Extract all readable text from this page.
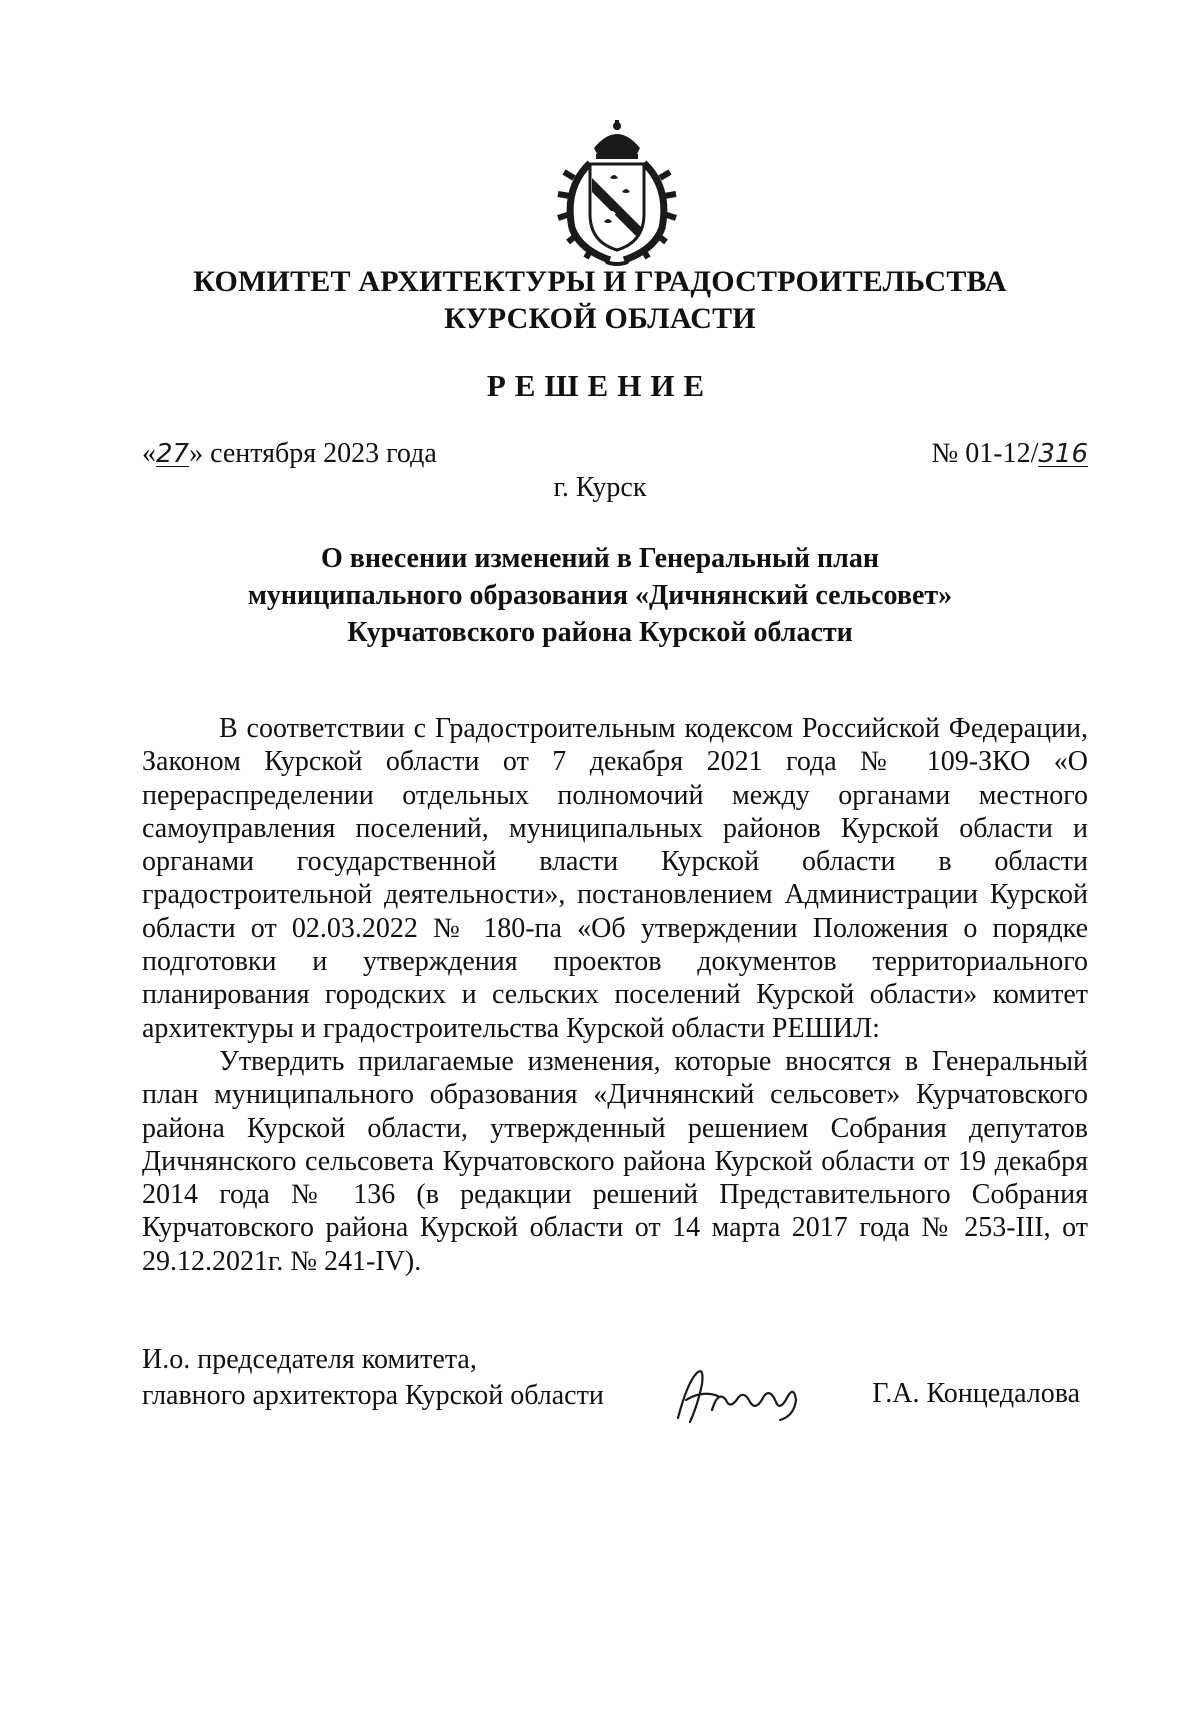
КОМИТЕТ АРХИТЕКТУРЫ И ГРАДОСТРОИТЕЛЬСТВА
КУРСКОЙ ОБЛАСТИ
РЕШЕНИЕ
«27» сентября 2023 года	№ 01-12/316
г. Курск
О внесении изменений в Генеральный план
муниципального образования «Дичнянский сельсовет»
Курчатовского района Курской области

В соответствии с Градостроительным кодексом Российской Федерации, Законом Курской области от 7 декабря 2021 года № 109-ЗКО «О перераспределении отдельных полномочий между органами местного самоуправления поселений, муниципальных районов Курской области и органами государственной власти Курской области в области градостроительной деятельности», постановлением Администрации Курской области от 02.03.2022 № 180-па «Об утверждении Положения о порядке подготовки и утверждения проектов документов территориального планирования городских и сельских поселений Курской области» комитет архитектуры и градостроительства Курской области РЕШИЛ:

Утвердить прилагаемые изменения, которые вносятся в Генеральный план муниципального образования «Дичнянский сельсовет» Курчатовского района Курской области, утвержденный решением Собрания депутатов Дичнянского сельсовета Курчатовского района Курской области от 19 декабря 2014 года № 136 (в редакции решений Представительного Собрания Курчатовского района Курской области от 14 марта 2017 года № 253-III, от 29.12.2021г. № 241-IV).

И.о. председателя комитета,
главного архитектора Курской области	Г.А. Концедалова
